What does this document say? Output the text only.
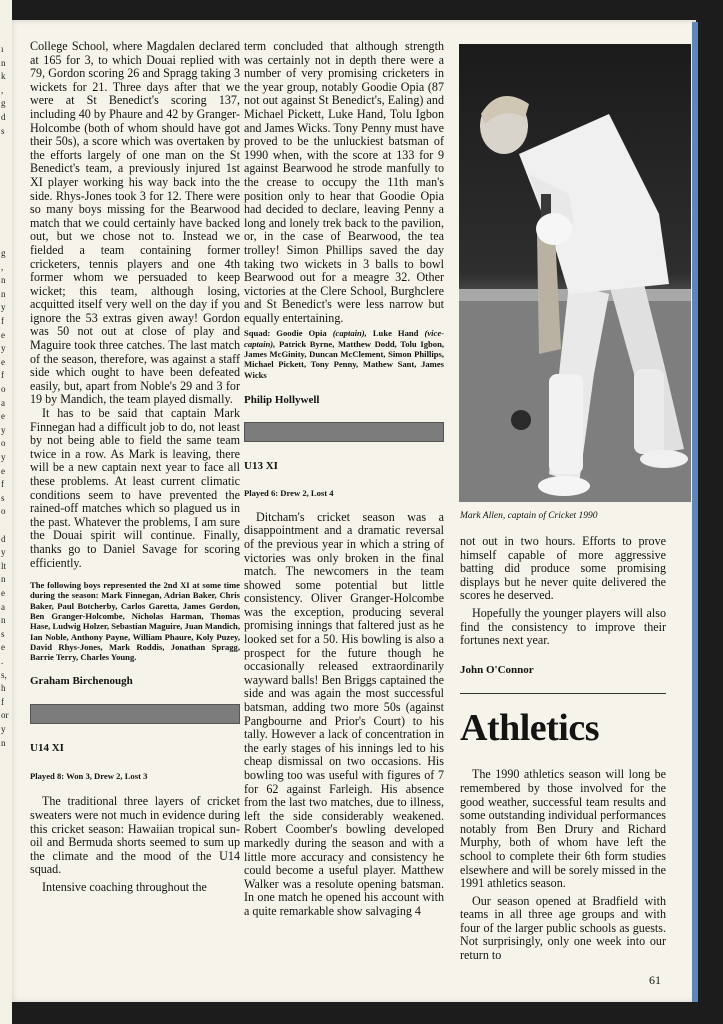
ı
n
k
,
g
d
s
g
,
n
n
y
f
e
y
e
f
o
a
e
y
o
y
e
f
s
o
d
y
lt
n
e
a
n
s
e
.
s,
h
f
or
y
n

College School, where Magdalen declared at 165 for 3, to which Douai replied with 79, Gordon scoring 26 and Spragg taking 3 wickets for 21. Three days after that we were at St Benedict's scoring 137, including 40 by Phaure and 42 by Granger-Holcombe (both of whom should have got their 50s), a score which was overtaken by the efforts largely of one man on the St Benedict's team, a previously injured 1st XI player working his way back into the side. Rhys-Jones took 3 for 12. There were so many boys missing for the Bearwood match that we could certainly have backed out, but we chose not to. Instead we fielded a team containing former cricketers, tennis players and one 4th former whom we persuaded to keep wicket; this team, although losing, acquitted itself very well on the day if you ignore the 53 extras given away! Gordon was 50 not out at close of play and Maguire took three catches. The last match of the season, therefore, was against a staff side which ought to have been defeated easily, but, apart from Noble's 29 and 3 for 19 by Mandich, the team played dismally.

It has to be said that captain Mark Finnegan had a difficult job to do, not least by not being able to field the same team twice in a row. As Mark is leaving, there will be a new captain next year to face all these problems. At least current climatic conditions seem to have prevented the rained-off matches which so plagued us in the past. Whatever the problems, I am sure the Douai spirit will continue. Finally, thanks go to Daniel Savage for scoring efficiently.

The following boys represented the 2nd XI at some time during the season: Mark Finnegan, Adrian Baker, Chris Baker, Paul Botcherby, Carlos Garetta, James Gordon, Ben Granger-Holcombe, Nicholas Harman, Thomas Hase, Ludwig Holzer, Sebastian Maguire, Juan Mandich, Ian Noble, Anthony Payne, William Phaure, Koly Puzey, David Rhys-Jones, Mark Roddis, Jonathan Spragg, Barrie Terry, Charles Young.

Graham Birchenough

U14 XI

Played 8: Won 3, Drew 2, Lost 3

The traditional three layers of cricket sweaters were not much in evidence during this cricket season: Hawaiian tropical sun-oil and Bermuda shorts seemed to sum up the climate and the mood of the U14 squad.

Intensive coaching throughout the

term concluded that although strength was certainly not in depth there were a number of very promising cricketers in the year group, notably Goodie Opia (87 not out against St Benedict's, Ealing) and Michael Pickett, Luke Hand, Tolu Igbon and James Wicks. Tony Penny must have proved to be the unluckiest batsman of 1990 when, with the score at 133 for 9 against Bearwood he strode manfully to the crease to occupy the 11th man's position only to hear that Goodie Opia had decided to declare, leaving Penny a long and lonely trek back to the pavilion, or, in the case of Bearwood, the tea trolley! Simon Phillips saved the day taking two wickets in 3 balls to bowl Bearwood out for a meagre 32. Other victories at the Clere School, Burghclere and St Benedict's were less narrow but equally entertaining.

Squad: Goodie Opia (captain), Luke Hand (vice-captain), Patrick Byrne, Matthew Dodd, Tolu Igbon, James McGinity, Duncan McClement, Simon Phillips, Michael Pickett, Tony Penny, Mathew Sant, James Wicks

Philip Hollywell

U13 XI

Played 6: Drew 2, Lost 4

Ditcham's cricket season was a disappointment and a dramatic reversal of the previous year in which a string of victories was only broken in the final match. The newcomers in the team showed some potential but little consistency. Oliver Granger-Holcombe was the exception, producing several promising innings that faltered just as he looked set for a 50. His bowling is also a prospect for the future though he occasionally released extraordinarily wayward balls! Ben Briggs captained the side and was again the most successful batsman, adding two more 50s (against Pangbourne and Prior's Court) to his tally. However a lack of concentration in the early stages of his innings led to his cheap dismissal on two occasions. His bowling too was useful with figures of 7 for 62 against Farleigh. His absence from the last two matches, due to illness, left the side considerably weakened. Robert Coomber's bowling developed markedly during the season and with a little more accuracy and consistency he could become a useful player. Matthew Walker was a resolute opening batsman. In one match he opened his account with a quite remarkable show salvaging 4

Mark Allen, captain of Cricket 1990

not out in two hours. Efforts to prove himself capable of more aggressive batting did produce some promising displays but he never quite delivered the scores he deserved.

Hopefully the younger players will also find the consistency to improve their fortunes next year.

John O'Connor

Athletics

The 1990 athletics season will long be remembered by those involved for the good weather, successful team results and some outstanding individual performances notably from Ben Drury and Richard Murphy, both of whom have left the school to complete their 6th form studies elsewhere and will be sorely missed in the 1991 athletics season.

Our season opened at Bradfield with teams in all three age groups and with four of the larger public schools as guests. Not surprisingly, only one week into our return to

61
